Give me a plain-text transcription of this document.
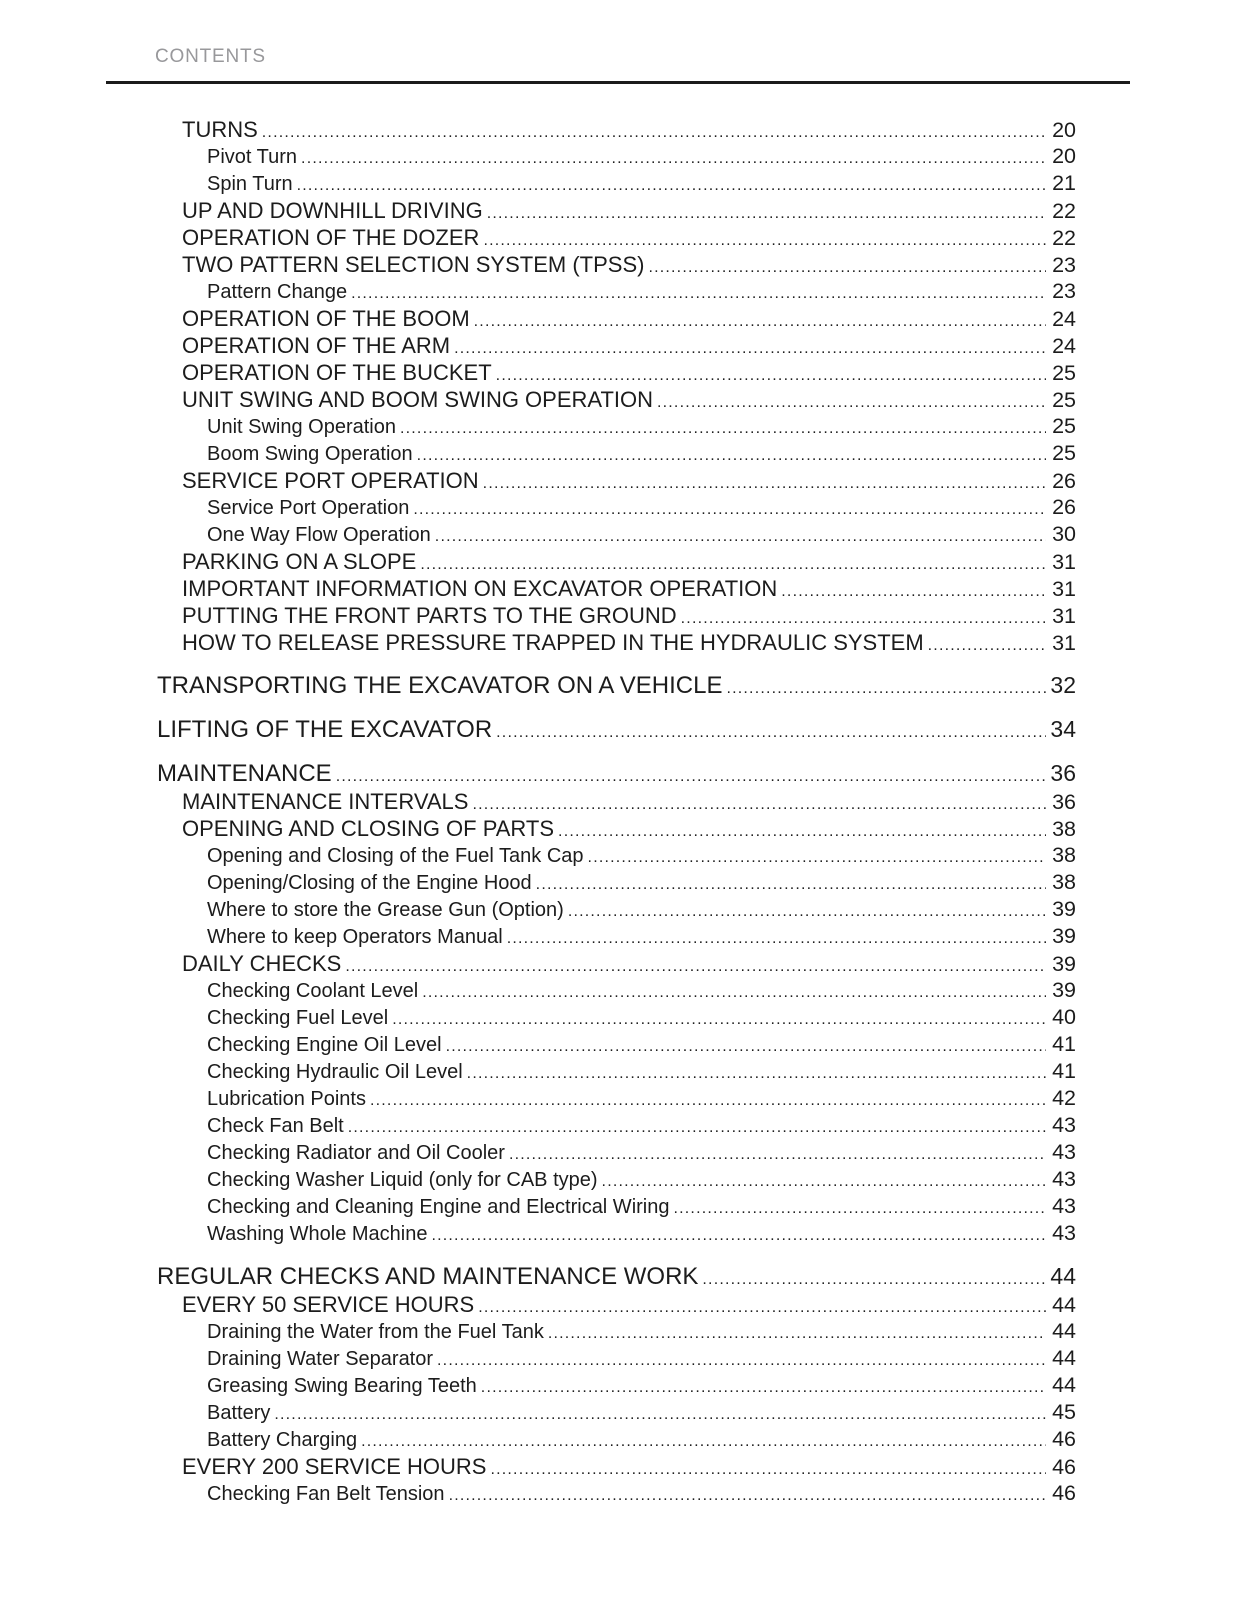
CONTENTS
TURNS .....	20
Pivot Turn .....	20
Spin Turn .....	21
UP AND DOWNHILL DRIVING .....	22
OPERATION OF THE DOZER .....	22
TWO PATTERN SELECTION SYSTEM (TPSS) .....	23
Pattern Change .....	23
OPERATION OF THE BOOM .....	24
OPERATION OF THE ARM .....	24
OPERATION OF THE BUCKET .....	25
UNIT SWING AND BOOM SWING OPERATION .....	25
Unit Swing Operation .....	25
Boom Swing Operation .....	25
SERVICE PORT OPERATION .....	26
Service Port Operation .....	26
One Way Flow Operation .....	30
PARKING ON A SLOPE .....	31
IMPORTANT INFORMATION ON EXCAVATOR OPERATION .....	31
PUTTING THE FRONT PARTS TO THE GROUND .....	31
HOW TO RELEASE PRESSURE TRAPPED IN THE HYDRAULIC SYSTEM .....	31
TRANSPORTING THE EXCAVATOR ON A VEHICLE .....	32
LIFTING OF THE EXCAVATOR .....	34
MAINTENANCE .....	36
MAINTENANCE INTERVALS .....	36
OPENING AND CLOSING OF PARTS .....	38
Opening and Closing of the Fuel Tank Cap .....	38
Opening/Closing of the Engine Hood .....	38
Where to store the Grease Gun (Option) .....	39
Where to keep Operators Manual .....	39
DAILY CHECKS .....	39
Checking Coolant Level .....	39
Checking Fuel Level .....	40
Checking Engine Oil Level .....	41
Checking Hydraulic Oil Level .....	41
Lubrication Points .....	42
Check Fan Belt .....	43
Checking Radiator and Oil Cooler .....	43
Checking Washer Liquid (only for CAB type) .....	43
Checking and Cleaning Engine and Electrical Wiring .....	43
Washing Whole Machine .....	43
REGULAR CHECKS AND MAINTENANCE WORK .....	44
EVERY 50 SERVICE HOURS .....	44
Draining the Water from the Fuel Tank .....	44
Draining Water Separator .....	44
Greasing Swing Bearing Teeth .....	44
Battery .....	45
Battery Charging .....	46
EVERY 200 SERVICE HOURS .....	46
Checking Fan Belt Tension .....	46
